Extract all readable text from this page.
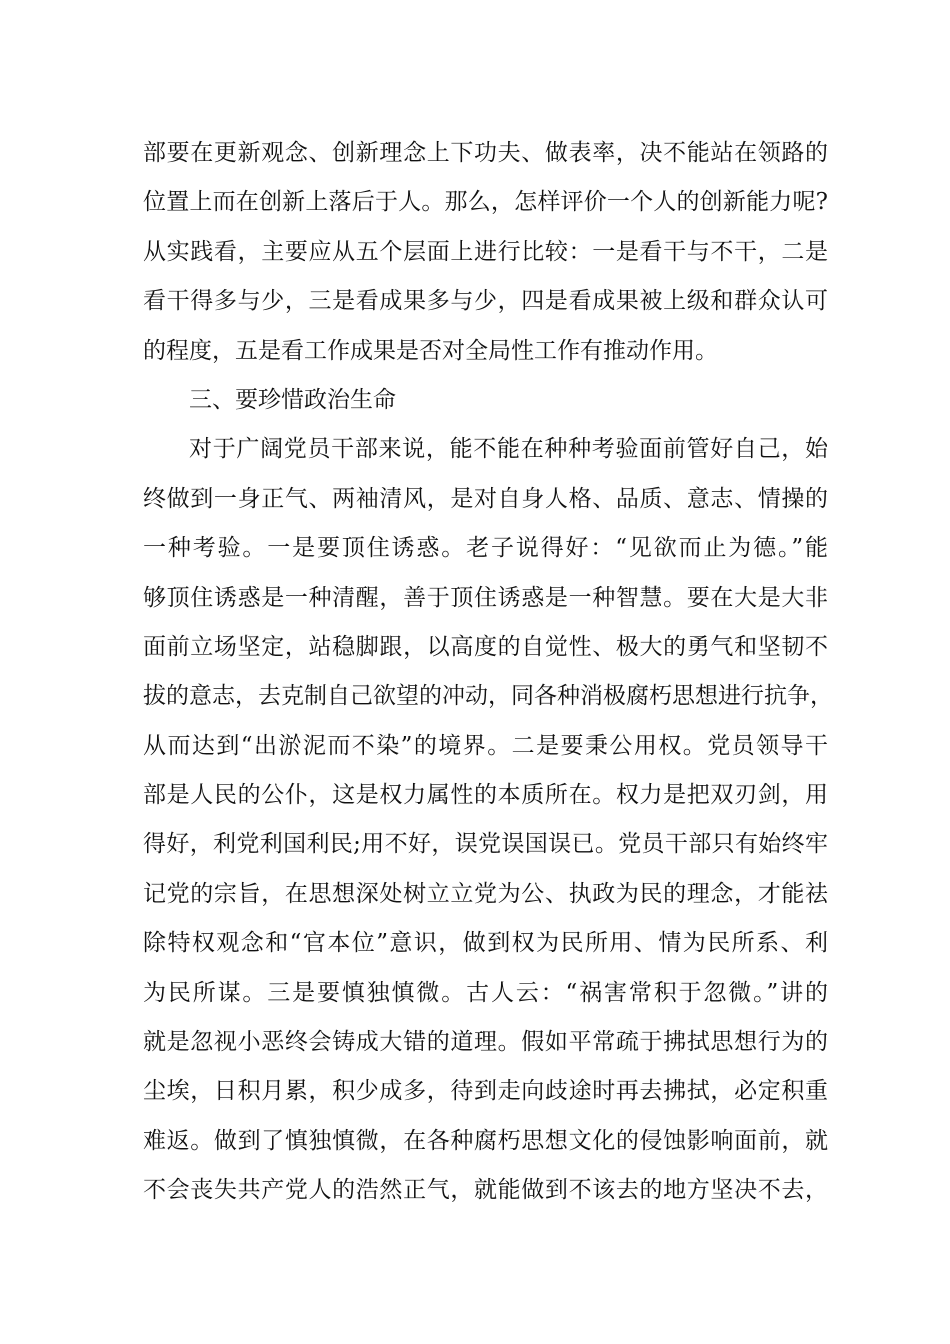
部要在更新观念、创新理念上下功夫、做表率，决不能站在领路的
位置上而在创新上落后于人。那么，怎样评价一个人的创新能力呢?
从实践看，主要应从五个层面上进行比较：一是看干与不干，二是
看干得多与少，三是看成果多与少，四是看成果被上级和群众认可
的程度，五是看工作成果是否对全局性工作有推动作用。
三、要珍惜政治生命
对于广阔党员干部来说，能不能在种种考验面前管好自己，始
终做到一身正气、两袖清风，是对自身人格、品质、意志、情操的
一种考验。一是要顶住诱惑。老子说得好：“见欲而止为德。”能
够顶住诱惑是一种清醒，善于顶住诱惑是一种智慧。要在大是大非
面前立场坚定，站稳脚跟，以高度的自觉性、极大的勇气和坚韧不
拔的意志，去克制自己欲望的冲动，同各种消极腐朽思想进行抗争，
从而达到“出淤泥而不染”的境界。二是要秉公用权。党员领导干
部是人民的公仆，这是权力属性的本质所在。权力是把双刃剑，用
得好，利党利国利民;用不好，误党误国误已。党员干部只有始终牢
记党的宗旨，在思想深处树立立党为公、执政为民的理念，才能祛
除特权观念和“官本位”意识，做到权为民所用、情为民所系、利
为民所谋。三是要慎独慎微。古人云：“祸害常积于忽微。”讲的
就是忽视小恶终会铸成大错的道理。假如平常疏于拂拭思想行为的
尘埃，日积月累，积少成多，待到走向歧途时再去拂拭，必定积重
难返。做到了慎独慎微，在各种腐朽思想文化的侵蚀影响面前，就
不会丧失共产党人的浩然正气，就能做到不该去的地方坚决不去，
